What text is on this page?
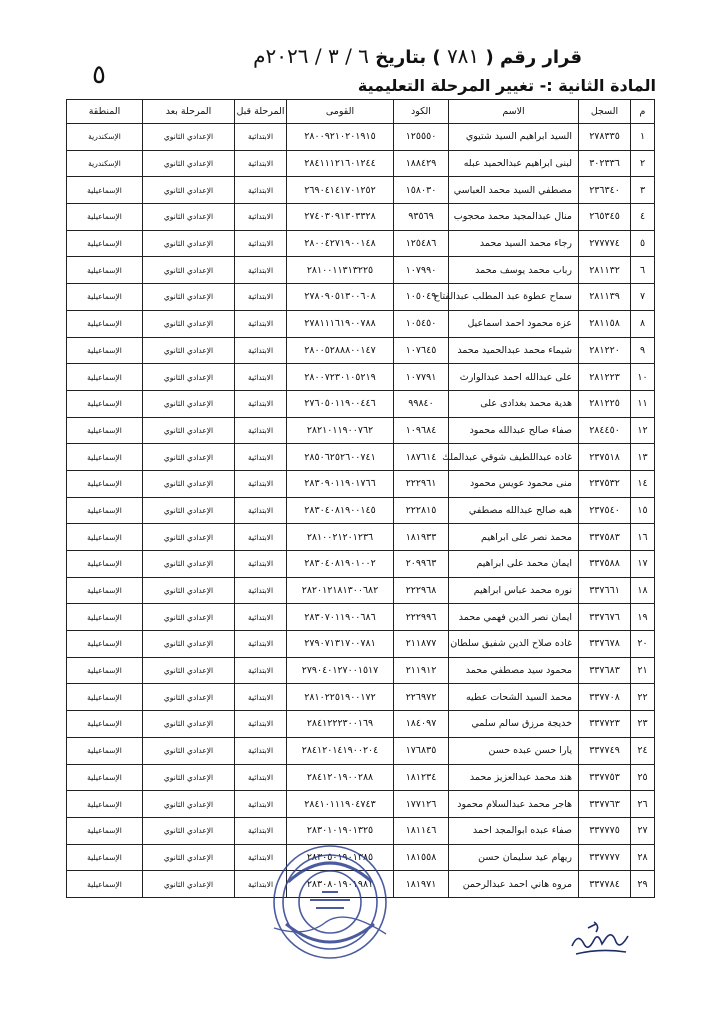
٥
قرار رقم ( ٧٨١ ) بتاريخ ٦ / ٣ / ٢٠٢٦م
المادة الثانية :- تغيير المرحلة التعليمية
م	السجل	الاسم	الكود	القومى	المرحلة قبل	المرحلة بعد	المنطقة
١	٢٧٨٣٣٥	السيد ابراهيم السيد شتيوي	١٢٥٥٥٠	٢٨٠٠٩٢١٠٢٠١٩١٥	الابتدائية	الإعدادي الثانوي	الإسكندرية
٢	٣٠٢٣٣٦	لبنى ابراهيم عبدالحميد عبله	١٨٨٤٢٩	٢٨٤١١١٢١٦٠١٢٤٤	الابتدائية	الإعدادي الثانوي	الإسكندرية
٣	٢٣٦٣٤٠	مصطفي السيد محمد العباسي	١٥٨٠٣٠	٢٦٩٠٤١٤١٧٠١٢٥٢	الابتدائية	الإعدادي الثانوي	الإسماعيلية
٤	٢٦٥٣٤٥	منال عبدالمجيد محمد محجوب	٩٣٥٦٩	٢٧٤٠٣٠٩١٣٠٣٣٢٨	الابتدائية	الإعدادي الثانوي	الإسماعيلية
٥	٢٧٧٧٧٤	رجاء محمد السيد محمد	١٢٥٤٨٦	٢٨٠٠٤٢٧١٩٠٠١٤٨	الابتدائية	الإعدادي الثانوي	الإسماعيلية
٦	٢٨١١٣٢	رباب محمد يوسف محمد	١٠٧٩٩٠	٢٨١٠٠١١٣١٣٢٢٥	الابتدائية	الإعدادي الثانوي	الإسماعيلية
٧	٢٨١١٣٩	سماح عطوة عبد المطلب عبدالفتاح	١٠٥٠٤٩	٢٧٨٠٩٠٥١٣٠٠٦٠٨	الابتدائية	الإعدادي الثانوي	الإسماعيلية
٨	٢٨١١٥٨	عزه محمود احمد اسماعيل	١٠٥٤٥٠	٢٧٨١١١٦١٩٠٠٧٨٨	الابتدائية	الإعدادي الثانوي	الإسماعيلية
٩	٢٨١٢٢٠	شيماء محمد عبدالحميد محمد	١٠٧٦٤٥	٢٨٠٠٥٢٨٨٨٠٠١٤٧	الابتدائية	الإعدادي الثانوي	الإسماعيلية
١٠	٢٨١٢٢٣	على عبدالله احمد عبدالوارث	١٠٧٧٩١	٢٨٠٠٧٢٣٠١٠٥٢١٩	الابتدائية	الإعدادي الثانوي	الإسماعيلية
١١	٢٨١٢٢٥	هدية محمد بغدادى على	٩٩٨٤٠	٢٧٦٠٥٠١١٩٠٠٤٤٦	الابتدائية	الإعدادي الثانوي	الإسماعيلية
١٢	٢٨٤٤٥٠	صفاء صالح عبدالله محمود	١٠٩٦٨٤	٢٨٢١٠١١٩٠٠٧٦٢	الابتدائية	الإعدادي الثانوي	الإسماعيلية
١٣	٢٣٧٥١٨	غاده عبداللطيف شوقي عبدالملك	١٨٧٦١٤	٢٨٥٠٦٢٥٢٦٠٠٧٤١	الابتدائية	الإعدادي الثانوي	الإسماعيلية
١٤	٢٣٧٥٣٢	منى محمود عويس محمود	٢٢٢٩٦١	٢٨٣٠٩٠١١٩٠١٧٦٦	الابتدائية	الإعدادي الثانوي	الإسماعيلية
١٥	٢٣٧٥٤٠	هبه صالح عبدالله مصطفي	٢٢٢٨١٥	٢٨٣٠٤٠٨١٩٠٠١٤٥	الابتدائية	الإعدادي الثانوي	الإسماعيلية
١٦	٣٣٧٥٨٣	محمد نصر على ابراهيم	١٨١٩٣٣	٢٨١٠٠٢١٢٠١٢٣٦	الابتدائية	الإعدادي الثانوي	الإسماعيلية
١٧	٣٣٧٥٨٨	ايمان محمد على ابراهيم	٢٠٩٩٦٣	٢٨٣٠٤٠٨١٩٠١٠٠٢	الابتدائية	الإعدادي الثانوي	الإسماعيلية
١٨	٣٣٧٦٦١	نوره محمد عباس ابراهيم	٢٢٢٩٦٨	٢٨٢٠١٢١٨١٣٠٠٦٨٢	الابتدائية	الإعدادي الثانوي	الإسماعيلية
١٩	٣٣٧٦٧٦	ايمان نصر الدين فهمي محمد	٢٢٢٩٩٦	٢٨٣٠٧٠١١٩٠٠٦٨٦	الابتدائية	الإعدادي الثانوي	الإسماعيلية
٢٠	٣٣٧٦٧٨	غاده صلاح الدين شفيق سلطان	٢١١٨٧٧	٢٧٩٠٧١٣١٧٠٠٧٨١	الابتدائية	الإعدادي الثانوي	الإسماعيلية
٢١	٣٣٧٦٨٣	محمود سيد مصطفي محمد	٢١١٩١٢	٢٧٩٠٤٠١٢٧٠٠١٥١٧	الابتدائية	الإعدادي الثانوي	الإسماعيلية
٢٢	٣٣٧٧٠٨	محمد السيد الشحات عطيه	٢٢٦٩٧٢	٢٨١٠٢٢٥١٩٠٠١٧٢	الابتدائية	الإعدادي الثانوي	الإسماعيلية
٢٣	٣٣٧٧٢٣	خديجة مرزق سالم سلمي	١٨٤٠٩٧	٢٨٤١٢٢٢٣٠٠١٦٩	الابتدائية	الإعدادي الثانوي	الإسماعيلية
٢٤	٣٣٧٧٤٩	يارا حسن عبده حسن	١٧٦٨٣٥	٢٨٤١٢٠١٤١٩٠٠٢٠٤	الابتدائية	الإعدادي الثانوي	الإسماعيلية
٢٥	٣٣٧٧٥٣	هند محمد عبدالعزيز محمد	١٨١٢٣٤	٢٨٤١٢٠١٩٠٠٢٨٨	الابتدائية	الإعدادي الثانوي	الإسماعيلية
٢٦	٣٣٧٧٦٣	هاجر محمد عبدالسلام محمود	١٧٧١٢٦	٢٨٤١٠١١١٩٠٤٧٤٣	الابتدائية	الإعدادي الثانوي	الإسماعيلية
٢٧	٣٣٧٧٧٥	صفاء عبده ابوالمجد احمد	١٨١١٤٦	٢٨٣٠١٠١٩٠١٣٢٥	الابتدائية	الإعدادي الثانوي	الإسماعيلية
٢٨	٣٣٧٧٧٧	ريهام عيد سليمان حسن	١٨١٥٥٨	٢٨٣٠٥٠١٩٠١٣٨٥	الابتدائية	الإعدادي الثانوي	الإسماعيلية
٢٩	٣٣٧٧٨٤	مروه هاني احمد عبدالرحمن	١٨١٩٧١	٢٨٣٠٨٠١٩٠١٩٨١	الابتدائية	الإعدادي الثانوي	الإسماعيلية
